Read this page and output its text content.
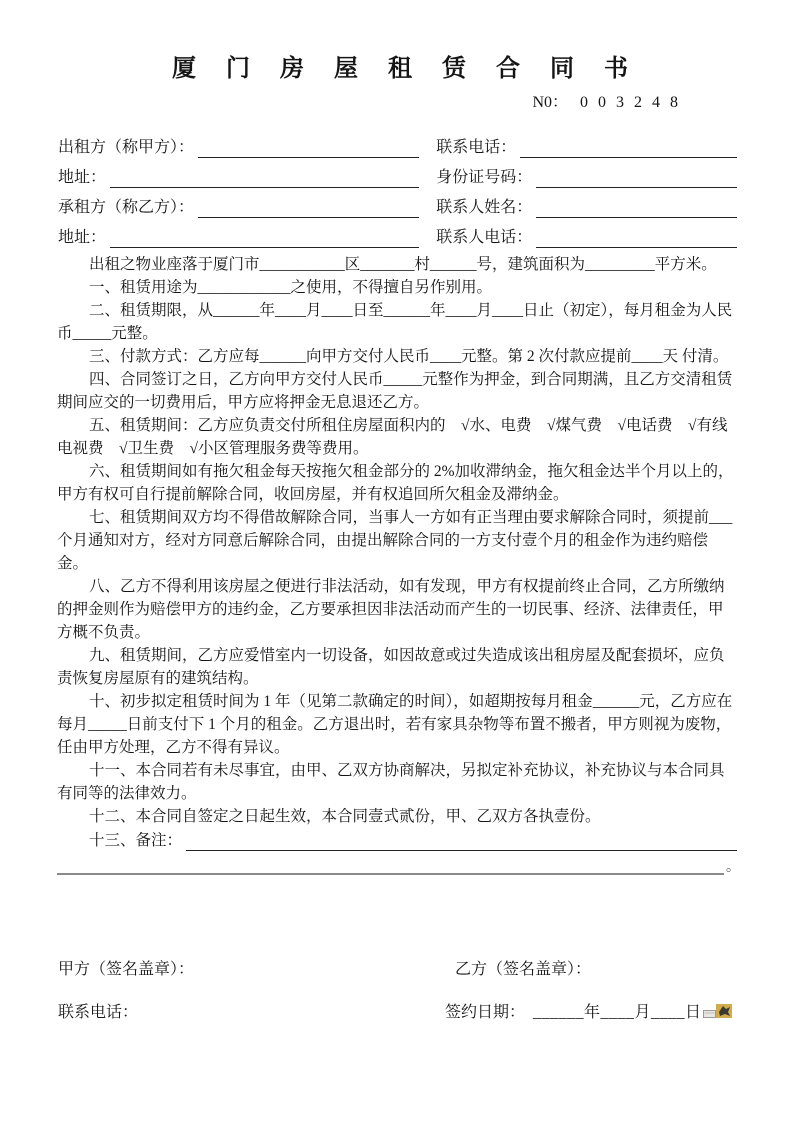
厦 门 房 屋 租 赁 合 同 书
N0： 003248
出租方（称甲方）：	联系电话：
地址：	身份证号码：
承租方（称乙方）：	联系人姓名：
地址：	联系人电话：

出租之物业座落于厦门市___________区_______村______号，建筑面积为_________平方米。

一、租赁用途为____________之使用，不得擅自另作别用。

二、租赁期限，从______年____月____日至______年____月____日止（初定），每月租金为人民币_____元整。

三、付款方式：乙方应每______向甲方交付人民币____元整。第 2 次付款应提前____天 付清。

四、合同签订之日，乙方向甲方交付人民币_____元整作为押金，到合同期满，且乙方交清租赁期间应交的一切费用后，甲方应将押金无息退还乙方。

五、租赁期间：乙方应负责交付所租住房屋面积内的　√水、电费　√煤气费　√电话费　√有线电视费　√卫生费　√小区管理服务费等费用。

六、租赁期间如有拖欠租金每天按拖欠租金部分的 2%加收滞纳金，拖欠租金达半个月以上的，甲方有权可自行提前解除合同，收回房屋，并有权追回所欠租金及滞纳金。

七、租赁期间双方均不得借故解除合同，当事人一方如有正当理由要求解除合同时，须提前___个月通知对方，经对方同意后解除合同，由提出解除合同的一方支付壹个月的租金作为违约赔偿金。

八、乙方不得利用该房屋之便进行非法活动，如有发现，甲方有权提前终止合同，乙方所缴纳的押金则作为赔偿甲方的违约金，乙方要承担因非法活动而产生的一切民事、经济、法律责任，甲方概不负责。

九、租赁期间，乙方应爱惜室内一切设备，如因故意或过失造成该出租房屋及配套损坏，应负责恢复房屋原有的建筑结构。

十、初步拟定租赁时间为 1 年（见第二款确定的时间），如超期按每月租金______元，乙方应在每月_____日前支付下 1 个月的租金。乙方退出时，若有家具杂物等布置不搬者，甲方则视为废物，任由甲方处理，乙方不得有异议。

十一、本合同若有未尽事宜，由甲、乙双方协商解决，另拟定补充协议，补充协议与本合同具有同等的法律效力。

十二、本合同自签定之日起生效，本合同壹式贰份，甲、乙双方各执壹份。

十三、备注：
。
甲方（签名盖章）：	乙方（签名盖章）：
联系电话：	签约日期： ______年____月____日
